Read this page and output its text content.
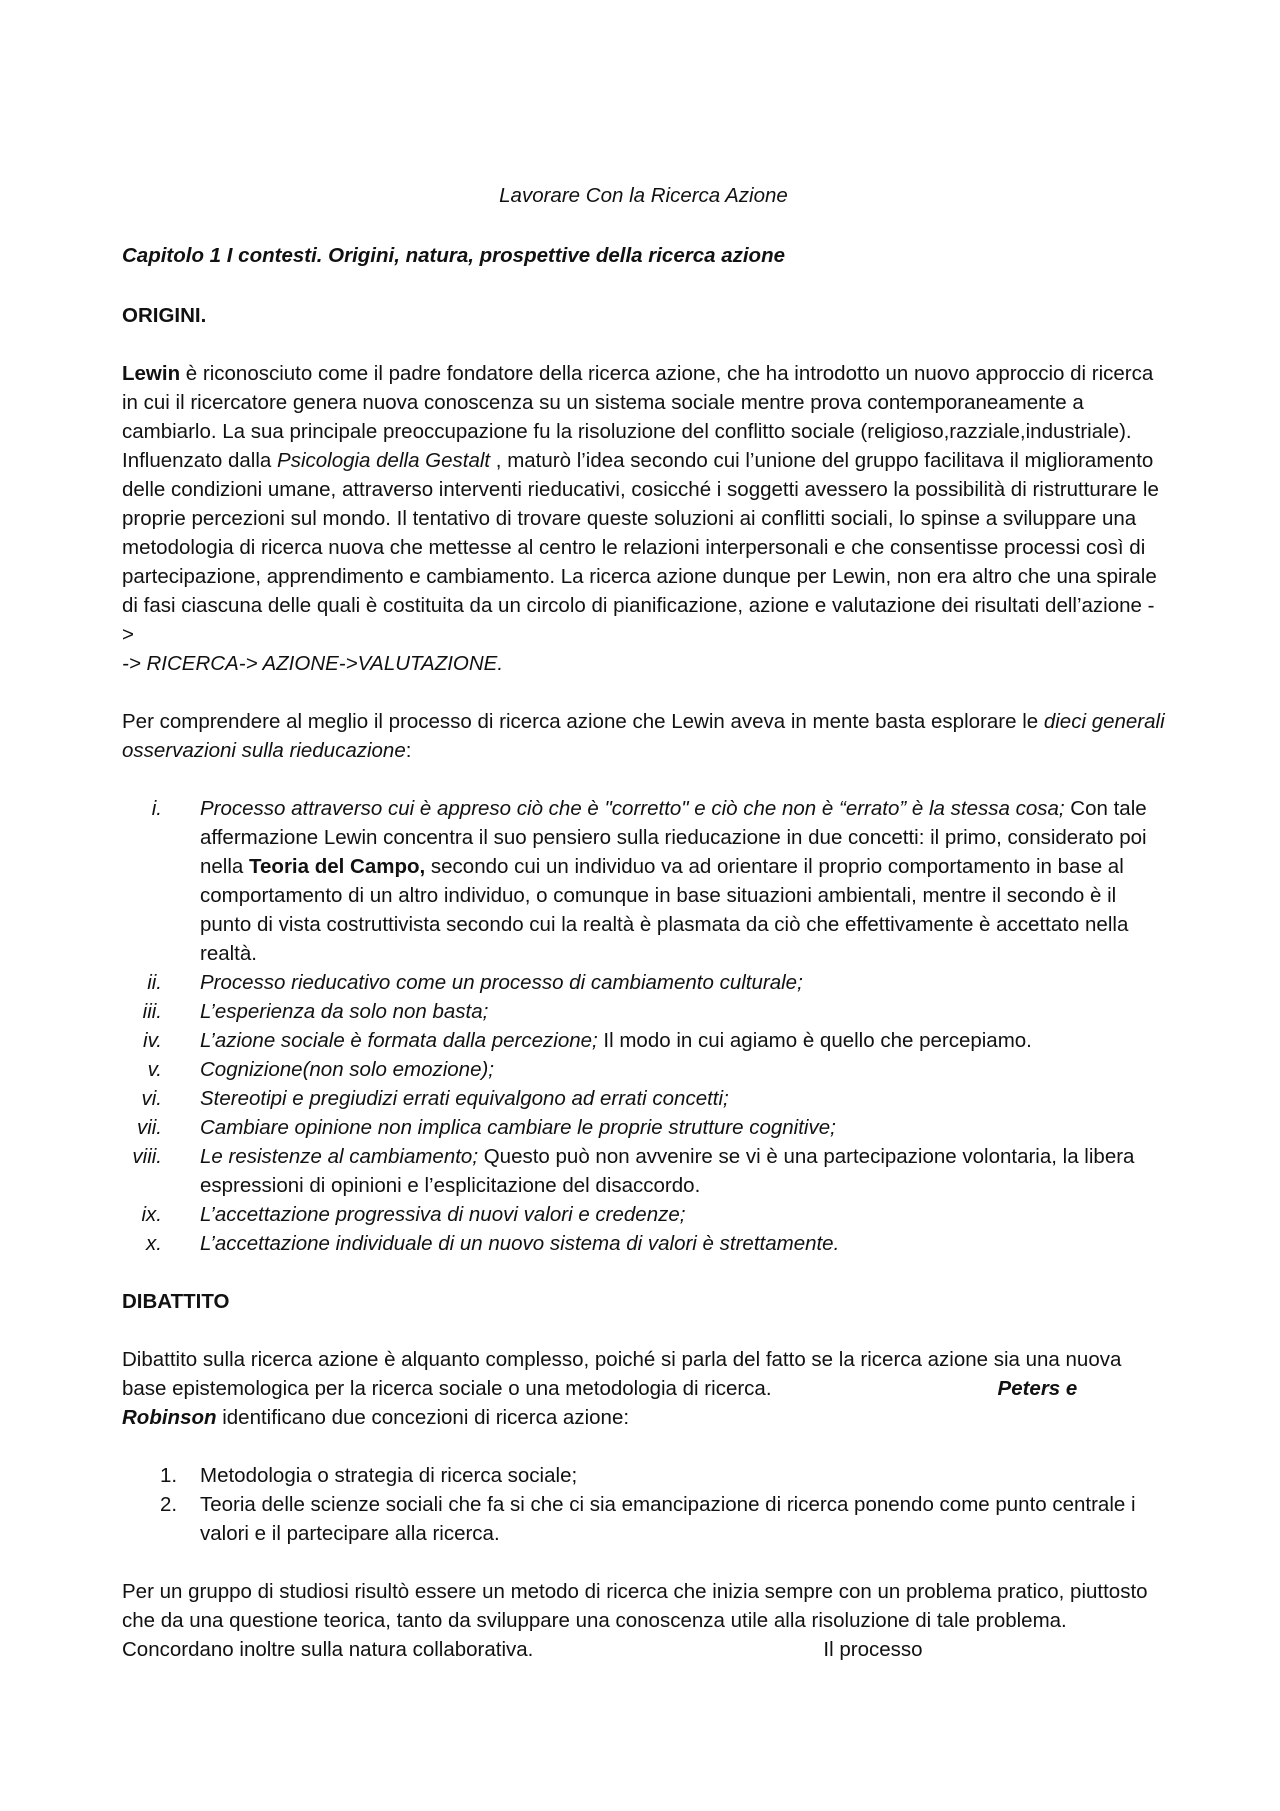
Lavorare Con la Ricerca Azione
Capitolo 1 I contesti. Origini, natura, prospettive della ricerca azione
ORIGINI.

Lewin è riconosciuto come il padre fondatore della ricerca azione, che ha introdotto un nuovo approccio di ricerca in cui il ricercatore genera nuova conoscenza su un sistema sociale mentre prova contemporaneamente a cambiarlo. La sua principale preoccupazione fu la risoluzione del conflitto sociale (religioso,razziale,industriale). Influenzato dalla Psicologia della Gestalt , maturò l’idea secondo cui l’unione del gruppo facilitava il miglioramento delle condizioni umane, attraverso interventi rieducativi, cosicché i soggetti avessero la possibilità di ristrutturare le proprie percezioni sul mondo. Il tentativo di trovare queste soluzioni ai conflitti sociali, lo spinse a sviluppare una metodologia di ricerca nuova che mettesse al centro le relazioni interpersonali e che consentisse processi così di partecipazione, apprendimento e cambiamento. La ricerca azione dunque per Lewin, non era altro che una spirale di fasi ciascuna delle quali è costituita da un circolo di pianificazione, azione e valutazione dei risultati dell’azione ->
-> RICERCA-> AZIONE->VALUTAZIONE.

Per comprendere al meglio il processo di ricerca azione che Lewin aveva in mente basta esplorare le dieci generali osservazioni sulla rieducazione:

i. Processo attraverso cui è appreso ciò che è "corretto" e ciò che non è “errato” è la stessa cosa; Con tale affermazione Lewin concentra il suo pensiero sulla rieducazione in due concetti: il primo, considerato poi nella Teoria del Campo, secondo cui un individuo va ad orientare il proprio comportamento in base al comportamento di un altro individuo, o comunque in base situazioni ambientali, mentre il secondo è il punto di vista costruttivista secondo cui la realtà è plasmata da ciò che effettivamente è accettato nella realtà.
ii. Processo rieducativo come un processo di cambiamento culturale;
iii. L’esperienza da solo non basta;
iv. L’azione sociale è formata dalla percezione; Il modo in cui agiamo è quello che percepiamo.
v. Cognizione(non solo emozione);
vi. Stereotipi e pregiudizi errati equivalgono ad errati concetti;
vii. Cambiare opinione non implica cambiare le proprie strutture cognitive;
viii. Le resistenze al cambiamento; Questo può non avvenire se vi è una partecipazione volontaria, la libera espressioni di opinioni e l’esplicitazione del disaccordo.
ix. L’accettazione progressiva di nuovi valori e credenze;
x. L’accettazione individuale di un nuovo sistema di valori è strettamente.
DIBATTITO

Dibattito sulla ricerca azione è alquanto complesso, poiché si parla del fatto se la ricerca azione sia una nuova base epistemologica per la ricerca sociale o una metodologia di ricerca.	Peters e Robinson identificano due concezioni di ricerca azione:

1. Metodologia o strategia di ricerca sociale;
2. Teoria delle scienze sociali che fa si che ci sia emancipazione di ricerca ponendo come punto centrale i valori e il partecipare alla ricerca.

Per un gruppo di studiosi risultò essere un metodo di ricerca che inizia sempre con un problema pratico, piuttosto che da una questione teorica, tanto da sviluppare una conoscenza utile alla risoluzione di tale problema. Concordano inoltre sulla natura collaborativa.	Il processo
